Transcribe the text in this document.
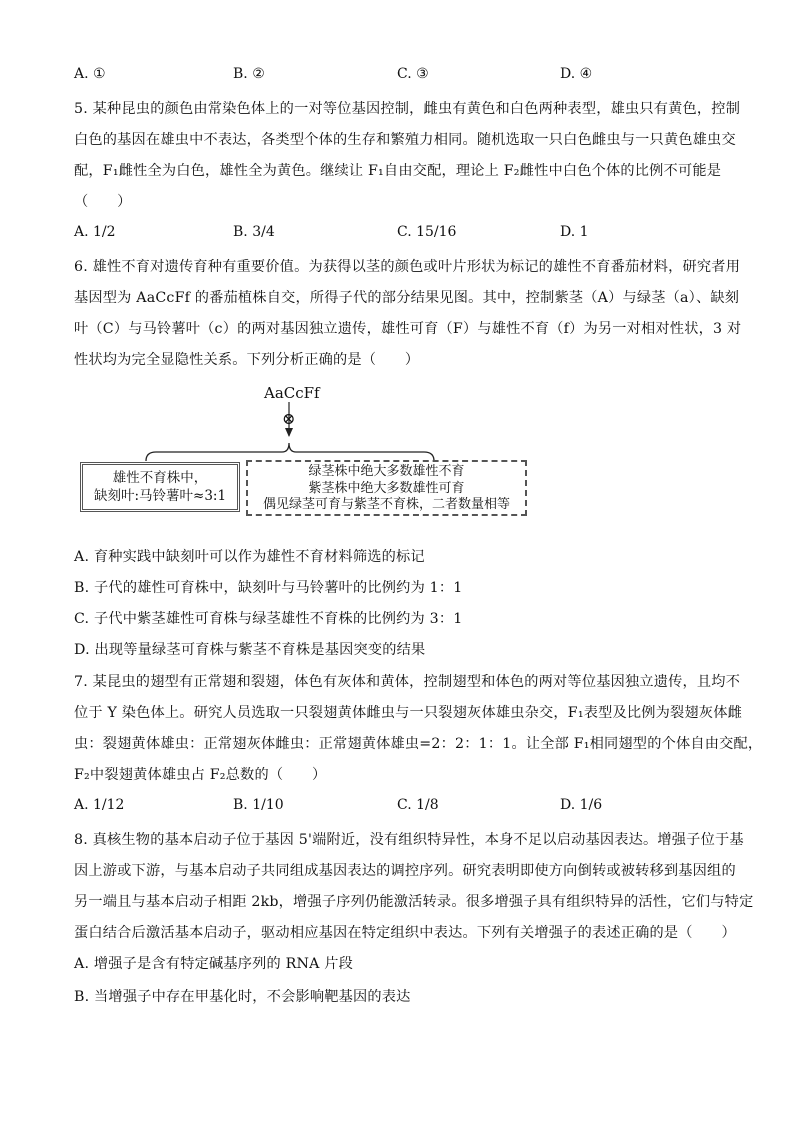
A. ①	B. ②	C. ③	D. ④
5. 某种昆虫的颜色由常染色体上的一对等位基因控制，雌虫有黄色和白色两种表型，雄虫只有黄色，控制
白色的基因在雄虫中不表达，各类型个体的生存和繁殖力相同。随机选取一只白色雌虫与一只黄色雄虫交
配，F₁雌性全为白色，雄性全为黄色。继续让 F₁自由交配，理论上 F₂雌性中白色个体的比例不可能是
（　　）
A. 1/2	B. 3/4	C. 15/16	D. 1
6. 雄性不育对遗传育种有重要价值。为获得以茎的颜色或叶片形状为标记的雄性不育番茄材料，研究者用
基因型为 AaCcFf 的番茄植株自交，所得子代的部分结果见图。其中，控制紫茎（A）与绿茎（a）、缺刻
叶（C）与马铃薯叶（c）的两对基因独立遗传，雄性可育（F）与雄性不育（f）为另一对相对性状，3 对
性状均为完全显隐性关系。下列分析正确的是（　　）
AaCcFf
⊗
雄性不育株中，
缺刻叶:马铃薯叶≈3:1
绿茎株中绝大多数雄性不育
紫茎株中绝大多数雄性可育
偶见绿茎可育与紫茎不育株，二者数量相等
A. 育种实践中缺刻叶可以作为雄性不育材料筛选的标记
B. 子代的雄性可育株中，缺刻叶与马铃薯叶的比例约为 1：1
C. 子代中紫茎雄性可育株与绿茎雄性不育株的比例约为 3：1
D. 出现等量绿茎可育株与紫茎不育株是基因突变的结果
7. 某昆虫的翅型有正常翅和裂翅，体色有灰体和黄体，控制翅型和体色的两对等位基因独立遗传，且均不
位于 Y 染色体上。研究人员选取一只裂翅黄体雌虫与一只裂翅灰体雄虫杂交，F₁表型及比例为裂翅灰体雌
虫：裂翅黄体雄虫：正常翅灰体雌虫：正常翅黄体雄虫=2：2：1：1。让全部 F₁相同翅型的个体自由交配，
F₂中裂翅黄体雄虫占 F₂总数的（　　）
A. 1/12	B. 1/10	C. 1/8	D. 1/6
8. 真核生物的基本启动子位于基因 5'端附近，没有组织特异性，本身不足以启动基因表达。增强子位于基
因上游或下游，与基本启动子共同组成基因表达的调控序列。研究表明即使方向倒转或被转移到基因组的
另一端且与基本启动子相距 2kb，增强子序列仍能激活转录。很多增强子具有组织特异的活性，它们与特定
蛋白结合后激活基本启动子，驱动相应基因在特定组织中表达。下列有关增强子的表述正确的是（　　）
A. 增强子是含有特定碱基序列的 RNA 片段
B. 当增强子中存在甲基化时，不会影响靶基因的表达
